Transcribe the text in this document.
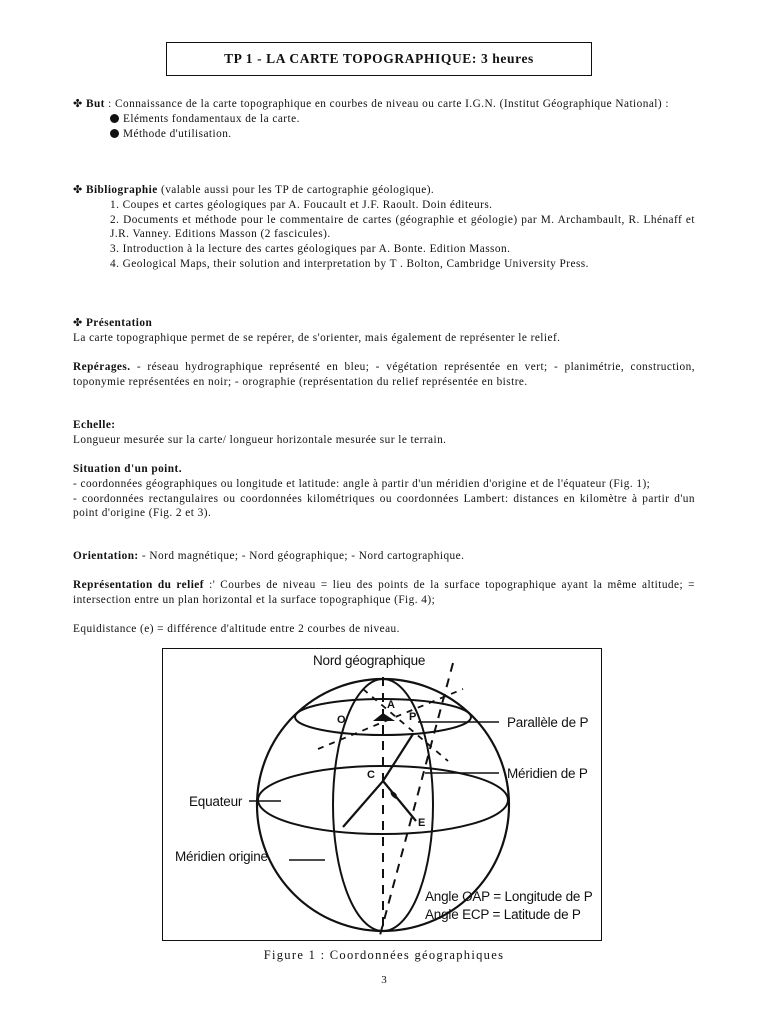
TP 1 - LA CARTE TOPOGRAPHIQUE: 3 heures

✤ But : Connaissance de la carte topographique en courbes de niveau ou carte I.G.N. (Institut Géographique National) :

Eléments fondamentaux de la carte.

Méthode d'utilisation.

✤ Bibliographie (valable aussi pour les TP de cartographie géologique).

1. Coupes et cartes géologiques par A. Foucault et J.F. Raoult. Doin éditeurs.

2. Documents et méthode pour le commentaire de cartes (géographie et géologie) par M. Archambault, R. Lhénaff et J.R. Vanney. Editions Masson (2 fascicules).

3. Introduction à la lecture des cartes géologiques par A. Bonte. Edition Masson.

4. Geological Maps, their solution and interpretation by T . Bolton, Cambridge University Press.

✤ Présentation

La carte topographique permet de se repérer, de s'orienter, mais également de représenter le relief.

Repérages. - réseau hydrographique représenté en bleu; - végétation représentée en vert; - planimétrie, construction, toponymie représentées en noir; - orographie (représentation du relief représentée en bistre.

Echelle:

Longueur mesurée sur la carte/ longueur horizontale mesurée sur le terrain.

Situation d'un point.

- coordonnées géographiques ou longitude et latitude: angle à partir d'un méridien d'origine et de l'équateur (Fig. 1);

- coordonnées rectangulaires ou coordonnées kilométriques ou coordonnées Lambert: distances en kilomètre à partir d'un point d'origine (Fig. 2 et 3).

Orientation: - Nord magnétique; - Nord géographique; - Nord cartographique.

Représentation du relief :' Courbes de niveau = lieu des points de la surface topographique ayant la même altitude; = intersection entre un plan horizontal et la surface topographique (Fig. 4);

Equidistance (e) = différence d'altitude entre 2 courbes de niveau.

Nord géographique
Parallèle de P
Méridien de P
Equateur
Méridien origine
Angle OAP = Longitude de P
Angle ECP = Latitude de P
O
A
P
C
E
Figure 1 : Coordonnées géographiques
3
